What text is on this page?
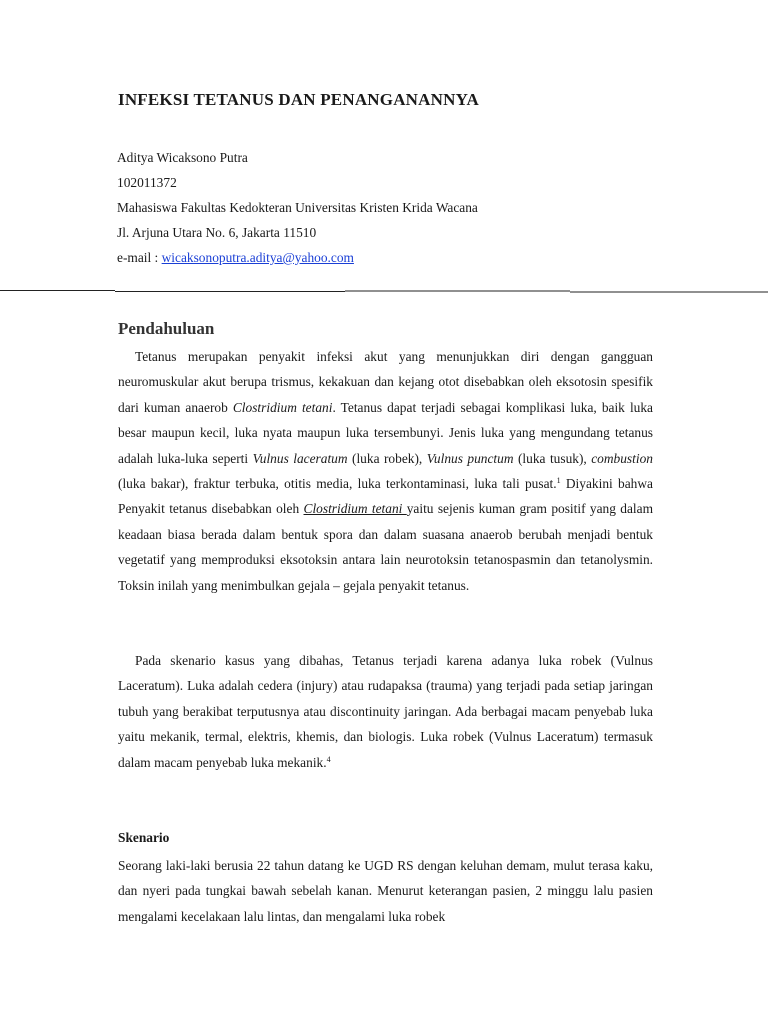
INFEKSI TETANUS DAN PENANGANANNYA
Aditya Wicaksono Putra
102011372
Mahasiswa Fakultas Kedokteran Universitas Kristen Krida Wacana
Jl. Arjuna Utara No. 6, Jakarta 11510
e-mail : wicaksonoputra.aditya@yahoo.com
Pendahuluan

Tetanus merupakan penyakit infeksi akut yang menunjukkan diri dengan gangguan neuromuskular akut berupa trismus, kekakuan dan kejang otot disebabkan oleh eksotosin spesifik dari kuman anaerob Clostridium tetani. Tetanus dapat terjadi sebagai komplikasi luka, baik luka besar maupun kecil, luka nyata maupun luka tersembunyi. Jenis luka yang mengundang tetanus adalah luka-luka seperti Vulnus laceratum (luka robek), Vulnus punctum (luka tusuk), combustion (luka bakar), fraktur terbuka, otitis media, luka terkontaminasi, luka tali pusat.$^1$ Diyakini bahwa Penyakit tetanus disebabkan oleh Clostridium tetani yaitu sejenis kuman gram positif yang dalam keadaan biasa berada dalam bentuk spora dan dalam suasana anaerob berubah menjadi bentuk vegetatif yang memproduksi eksotoksin antara lain neurotoksin tetanospasmin dan tetanolysmin. Toksin inilah yang menimbulkan gejala – gejala penyakit tetanus.

Pada skenario kasus yang dibahas, Tetanus terjadi karena adanya luka robek (Vulnus Laceratum). Luka adalah cedera (injury) atau rudapaksa (trauma) yang terjadi pada setiap jaringan tubuh yang berakibat terputusnya atau discontinuity jaringan. Ada berbagai macam penyebab luka yaitu mekanik, termal, elektris, khemis, dan biologis. Luka robek (Vulnus Laceratum) termasuk dalam macam penyebab luka mekanik.$^4$

Skenario

Seorang laki-laki berusia 22 tahun datang ke UGD RS dengan keluhan demam, mulut terasa kaku, dan nyeri pada tungkai bawah sebelah kanan. Menurut keterangan pasien, 2 minggu lalu pasien mengalami kecelakaan lalu lintas, dan mengalami luka robek
